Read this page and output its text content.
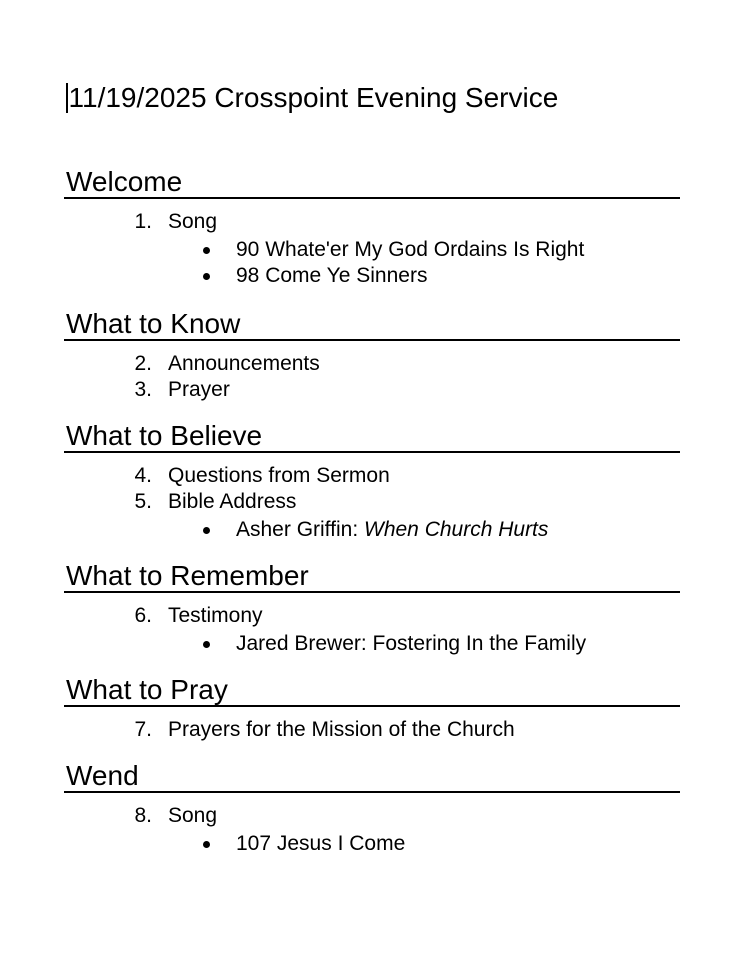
11/19/2025 Crosspoint Evening Service
Welcome
1. Song
90 Whate'er My God Ordains Is Right
98 Come Ye Sinners
What to Know
2. Announcements
3. Prayer
What to Believe
4. Questions from Sermon
5. Bible Address
Asher Griffin: When Church Hurts
What to Remember
6. Testimony
Jared Brewer: Fostering In the Family
What to Pray
7. Prayers for the Mission of the Church
Wend
8. Song
107 Jesus I Come
